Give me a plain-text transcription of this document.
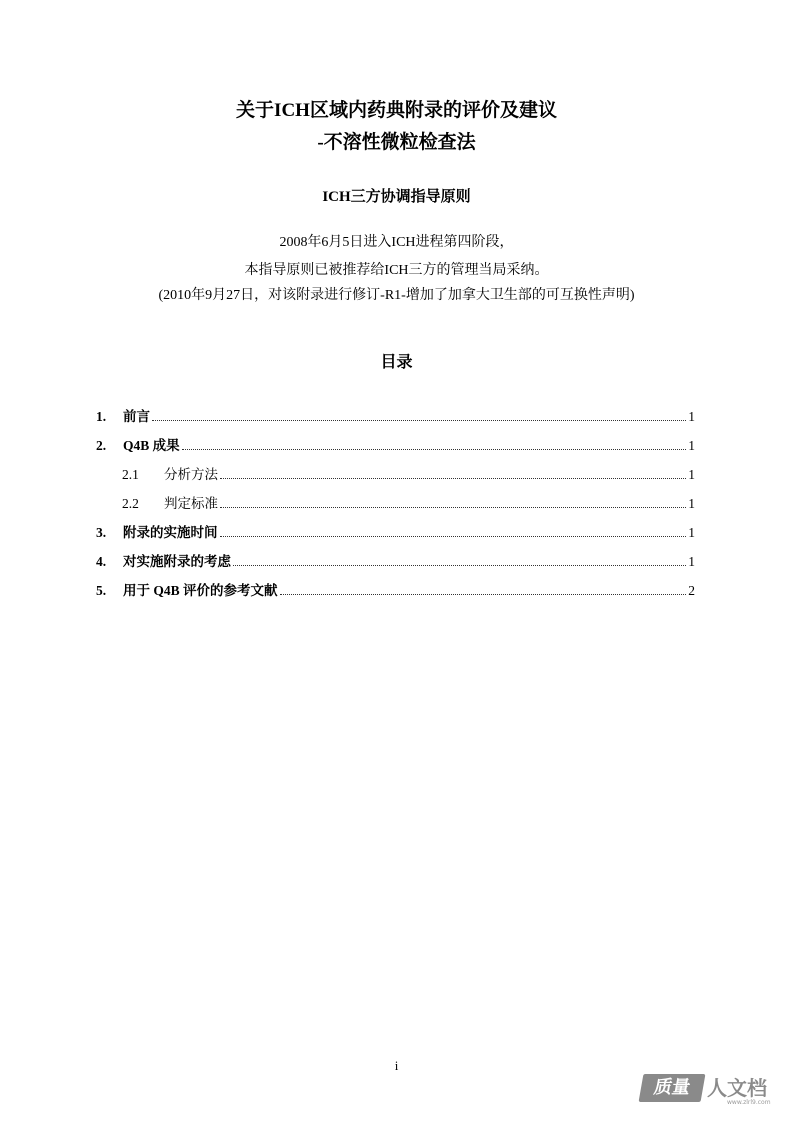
关于ICH区域内药典附录的评价及建议
-不溶性微粒检查法
ICH三方协调指导原则
2008年6月5日进入ICH进程第四阶段，
本指导原则已被推荐给ICH三方的管理当局采纳。
(2010年9月27日，对该附录进行修订-R1-增加了加拿大卫生部的可互换性声明)
目录
1.	前言	1
2.	Q4B 成果	1
2.1	分析方法	1
2.2	判定标准	1
3.	附录的实施时间	1
4.	对实施附录的考虑	1
5.	用于 Q4B 评价的参考文献	2
i
质量 人文档
www.zlrl9.com
